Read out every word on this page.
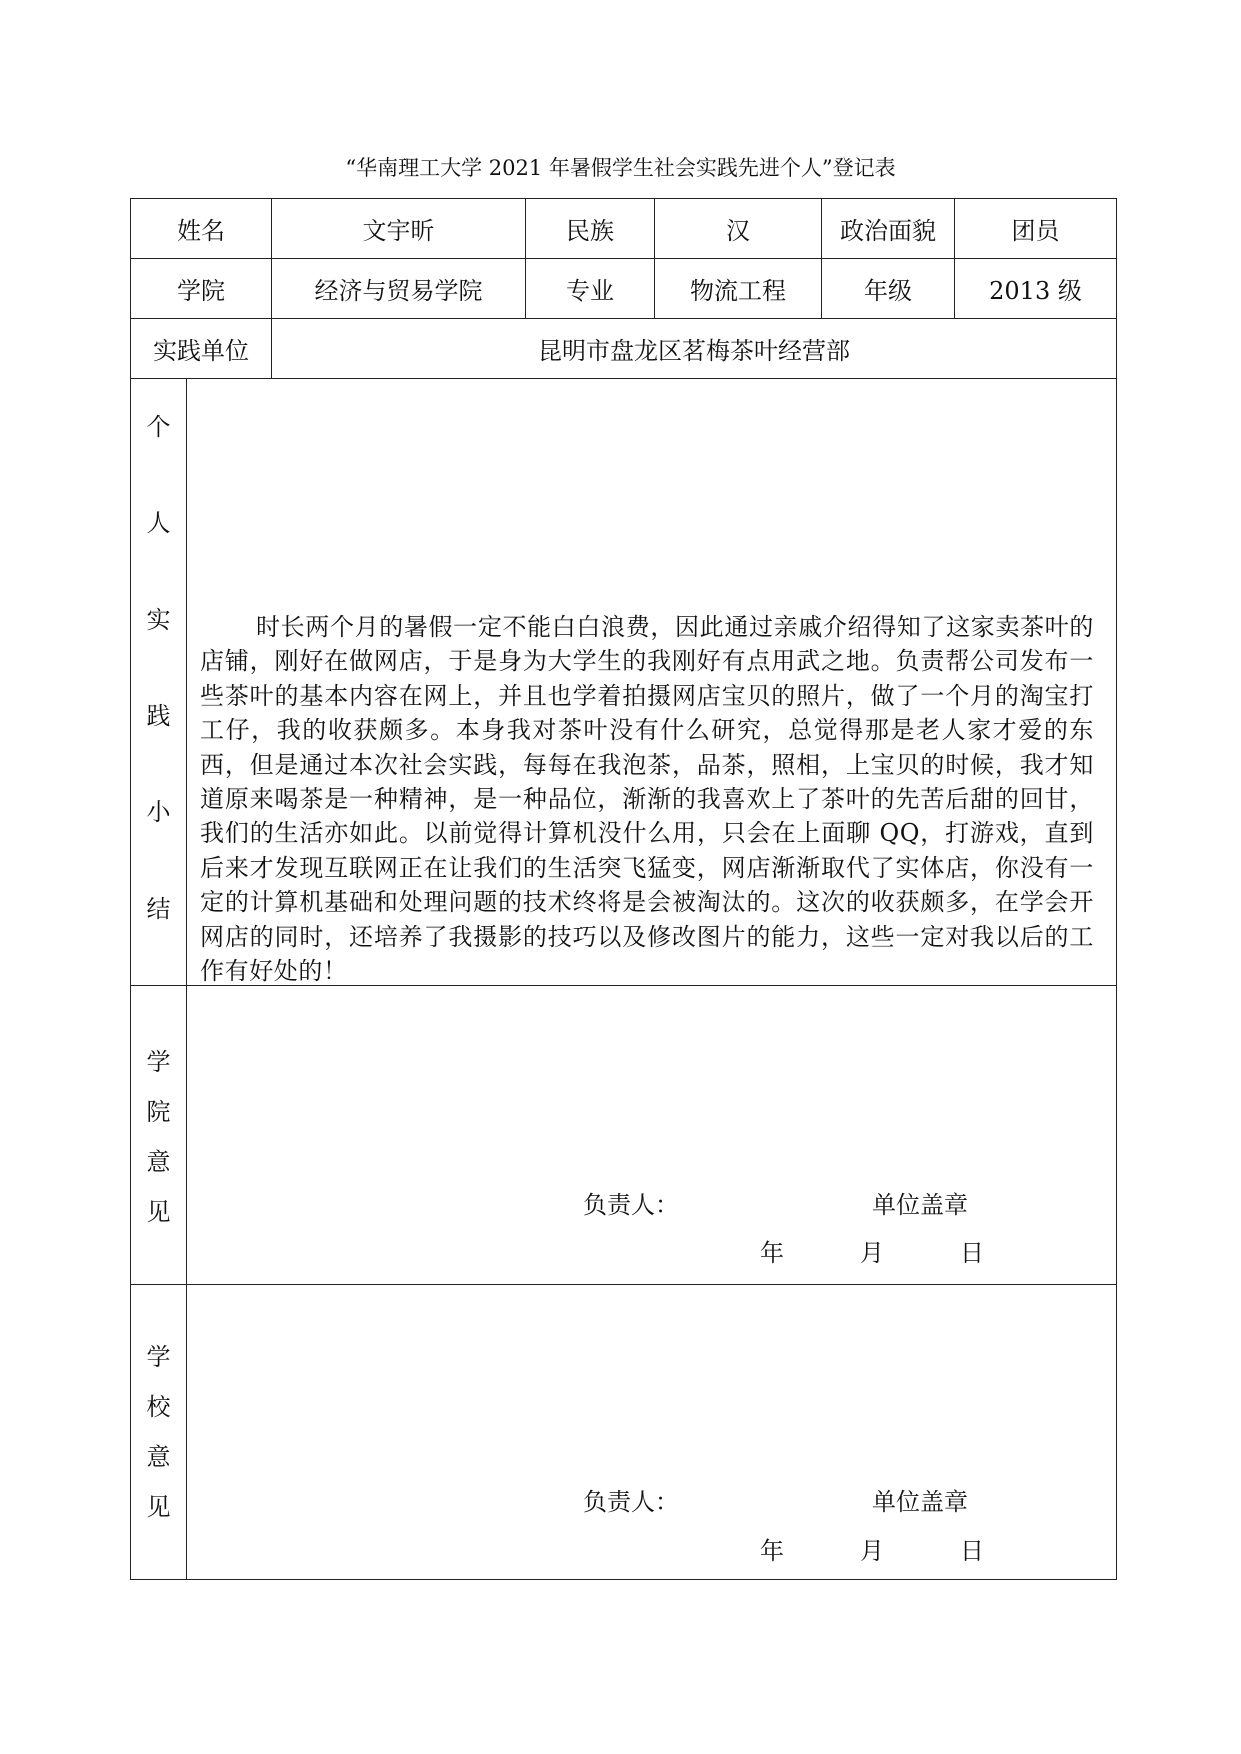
“华南理工大学 2021 年暑假学生社会实践先进个人”登记表
姓名	文宇昕	民族	汉	政治面貌	团员
学院	经济与贸易学院	专业	物流工程	年级	2013 级
实践单位	昆明市盘龙区茗梅茶叶经营部
个
人
实
践
小
结
时长两个月的暑假一定不能白白浪费，因此通过亲戚介绍得知了这家卖茶叶的店铺，刚好在做网店，于是身为大学生的我刚好有点用武之地。负责帮公司发布一些茶叶的基本内容在网上，并且也学着拍摄网店宝贝的照片，做了一个月的淘宝打工仔，我的收获颇多。本身我对茶叶没有什么研究，总觉得那是老人家才爱的东西，但是通过本次社会实践，每每在我泡茶，品茶，照相，上宝贝的时候，我才知道原来喝茶是一种精神，是一种品位，渐渐的我喜欢上了茶叶的先苦后甜的回甘，我们的生活亦如此。以前觉得计算机没什么用，只会在上面聊 QQ，打游戏，直到后来才发现互联网正在让我们的生活突飞猛变，网店渐渐取代了实体店，你没有一定的计算机基础和处理问题的技术终将是会被淘汰的。这次的收获颇多，在学会开网店的同时，还培养了我摄影的技巧以及修改图片的能力，这些一定对我以后的工作有好处的！
学
院
意
见	负责人：	单位盖章
年	月	日
学
校
意
见	负责人：	单位盖章
年	月	日
